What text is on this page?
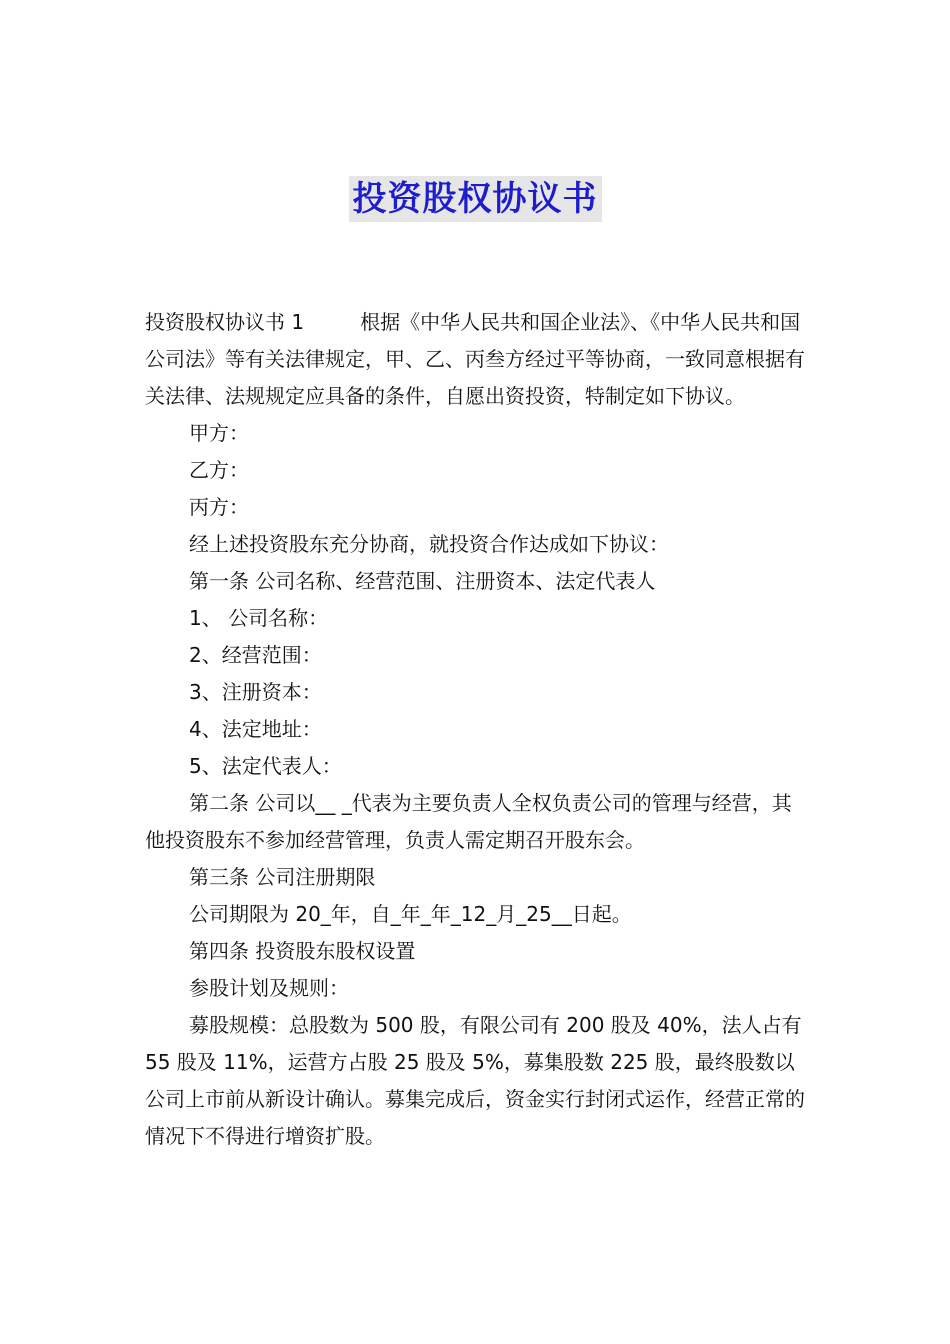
投资股权协议书

投资股权协议书 1	根据《中华人民共和国企业法》、《中华人民共和国公司法》等有关法律规定，甲、乙、丙叁方经过平等协商，一致同意根据有关法律、法规规定应具备的条件，自愿出资投资，特制定如下协议。

甲方：

乙方：

丙方：

经上述投资股东充分协商，就投资合作达成如下协议：

第一条 公司名称、经营范围、注册资本、法定代表人

1、 公司名称：

2、经营范围：

3、注册资本：

4、法定地址：

5、法定代表人：

第二条 公司以__ _代表为主要负责人全权负责公司的管理与经营，其他投资股东不参加经营管理，负责人需定期召开股东会。

第三条 公司注册期限

公司期限为 20_年，自_年_年_12_月_25__日起。

第四条 投资股东股权设置

参股计划及规则：

募股规模：总股数为 500 股，有限公司有 200 股及 40%，法人占有 55 股及 11%，运营方占股 25 股及 5%，募集股数 225 股，最终股数以公司上市前从新设计确认。募集完成后，资金实行封闭式运作，经营正常的情况下不得进行增资扩股。
